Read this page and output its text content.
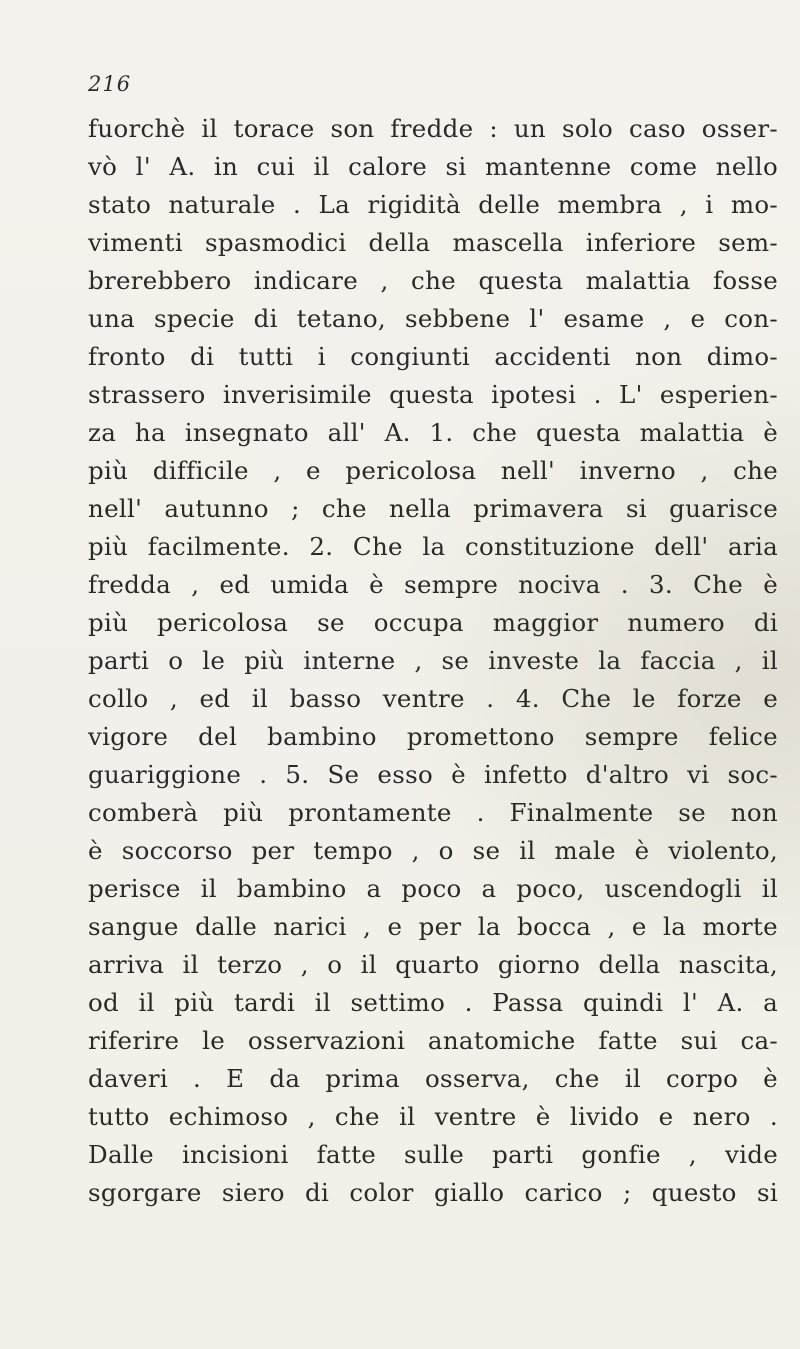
216
fuorchè il torace son fredde : un solo caso osser-
vò l' A. in cui il calore si mantenne come nello
stato naturale . La rigidità delle membra , i mo-
vimenti spasmodici della mascella inferiore sem-
brerebbero indicare , che questa malattia fosse
una specie di tetano, sebbene l' esame , e con-
fronto di tutti i congiunti accidenti non dimo-
strassero inverisimile questa ipotesi . L' esperien-
za ha insegnato all' A. 1. che questa malattia è
più difficile , e pericolosa nell' inverno , che
nell' autunno ; che nella primavera si guarisce
più facilmente. 2. Che la constituzione dell' aria
fredda , ed umida è sempre nociva . 3. Che è
più pericolosa se occupa maggior numero di
parti o le più interne , se investe la faccia , il
collo , ed il basso ventre . 4. Che le forze e
vigore del bambino promettono sempre felice
guariggione . 5. Se esso è infetto d'altro vi soc-
comberà più prontamente . Finalmente se non
è soccorso per tempo , o se il male è violento,
perisce il bambino a poco a poco, uscendogli il
sangue dalle narici , e per la bocca , e la morte
arriva il terzo , o il quarto giorno della nascita,
od il più tardi il settimo . Passa quindi l' A. a
riferire le osservazioni anatomiche fatte sui ca-
daveri . E da prima osserva, che il corpo è
tutto echimoso , che il ventre è livido e nero .
Dalle incisioni fatte sulle parti gonfie , vide
sgorgare siero di color giallo carico ; questo si
